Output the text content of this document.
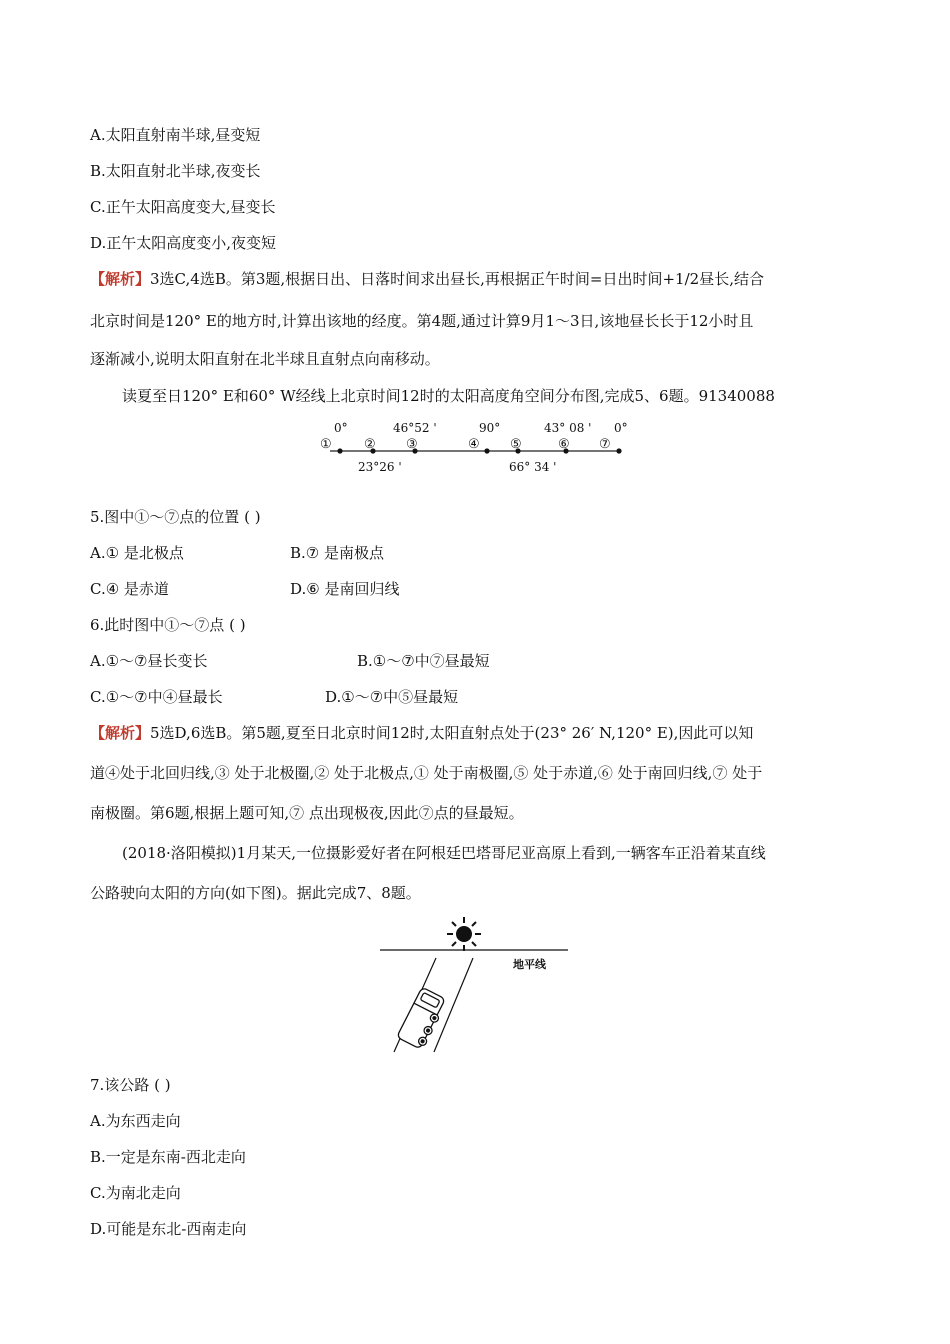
A.太阳直射南半球,昼变短
B.太阳直射北半球,夜变长
C.正午太阳高度变大,昼变长
D.正午太阳高度变小,夜变短
【解析】3选C,4选B。第3题,根据日出、日落时间求出昼长,再根据正午时间=日出时间+1/2昼长,结合
北京时间是120° E的地方时,计算出该地的经度。第4题,通过计算9月1～3日,该地昼长长于12小时且
逐渐减小,说明太阳直射在北半球且直射点向南移动。
读夏至日120° E和60° W经线上北京时间12时的太阳高度角空间分布图,完成5、6题。91340088
0°	46°52 '	90°	43° 08 ' 0°
23°26 '	66° 34 '
① ② ③	④ ⑤	⑥ ⑦
5.图中①～⑦点的位置 ( )
A.① 是北极点	B.⑦ 是南极点
C.④ 是赤道	D.⑥ 是南回归线
6.此时图中①～⑦点 ( )
A.①～⑦昼长变长	B.①～⑦中⑦昼最短
C.①～⑦中④昼最长	D.①～⑦中⑤昼最短
【解析】5选D,6选B。第5题,夏至日北京时间12时,太阳直射点处于(23° 26′ N,120° E),因此可以知
道④处于北回归线,③ 处于北极圈,② 处于北极点,① 处于南极圈,⑤ 处于赤道,⑥ 处于南回归线,⑦ 处于
南极圈。第6题,根据上题可知,⑦ 点出现极夜,因此⑦点的昼最短。
(2018·洛阳模拟)1月某天,一位摄影爱好者在阿根廷巴塔哥尼亚高原上看到,一辆客车正沿着某直线
公路驶向太阳的方向(如下图)。据此完成7、8题。
地平线
7.该公路 ( )
A.为东西走向
B.一定是东南-西北走向
C.为南北走向
D.可能是东北-西南走向
